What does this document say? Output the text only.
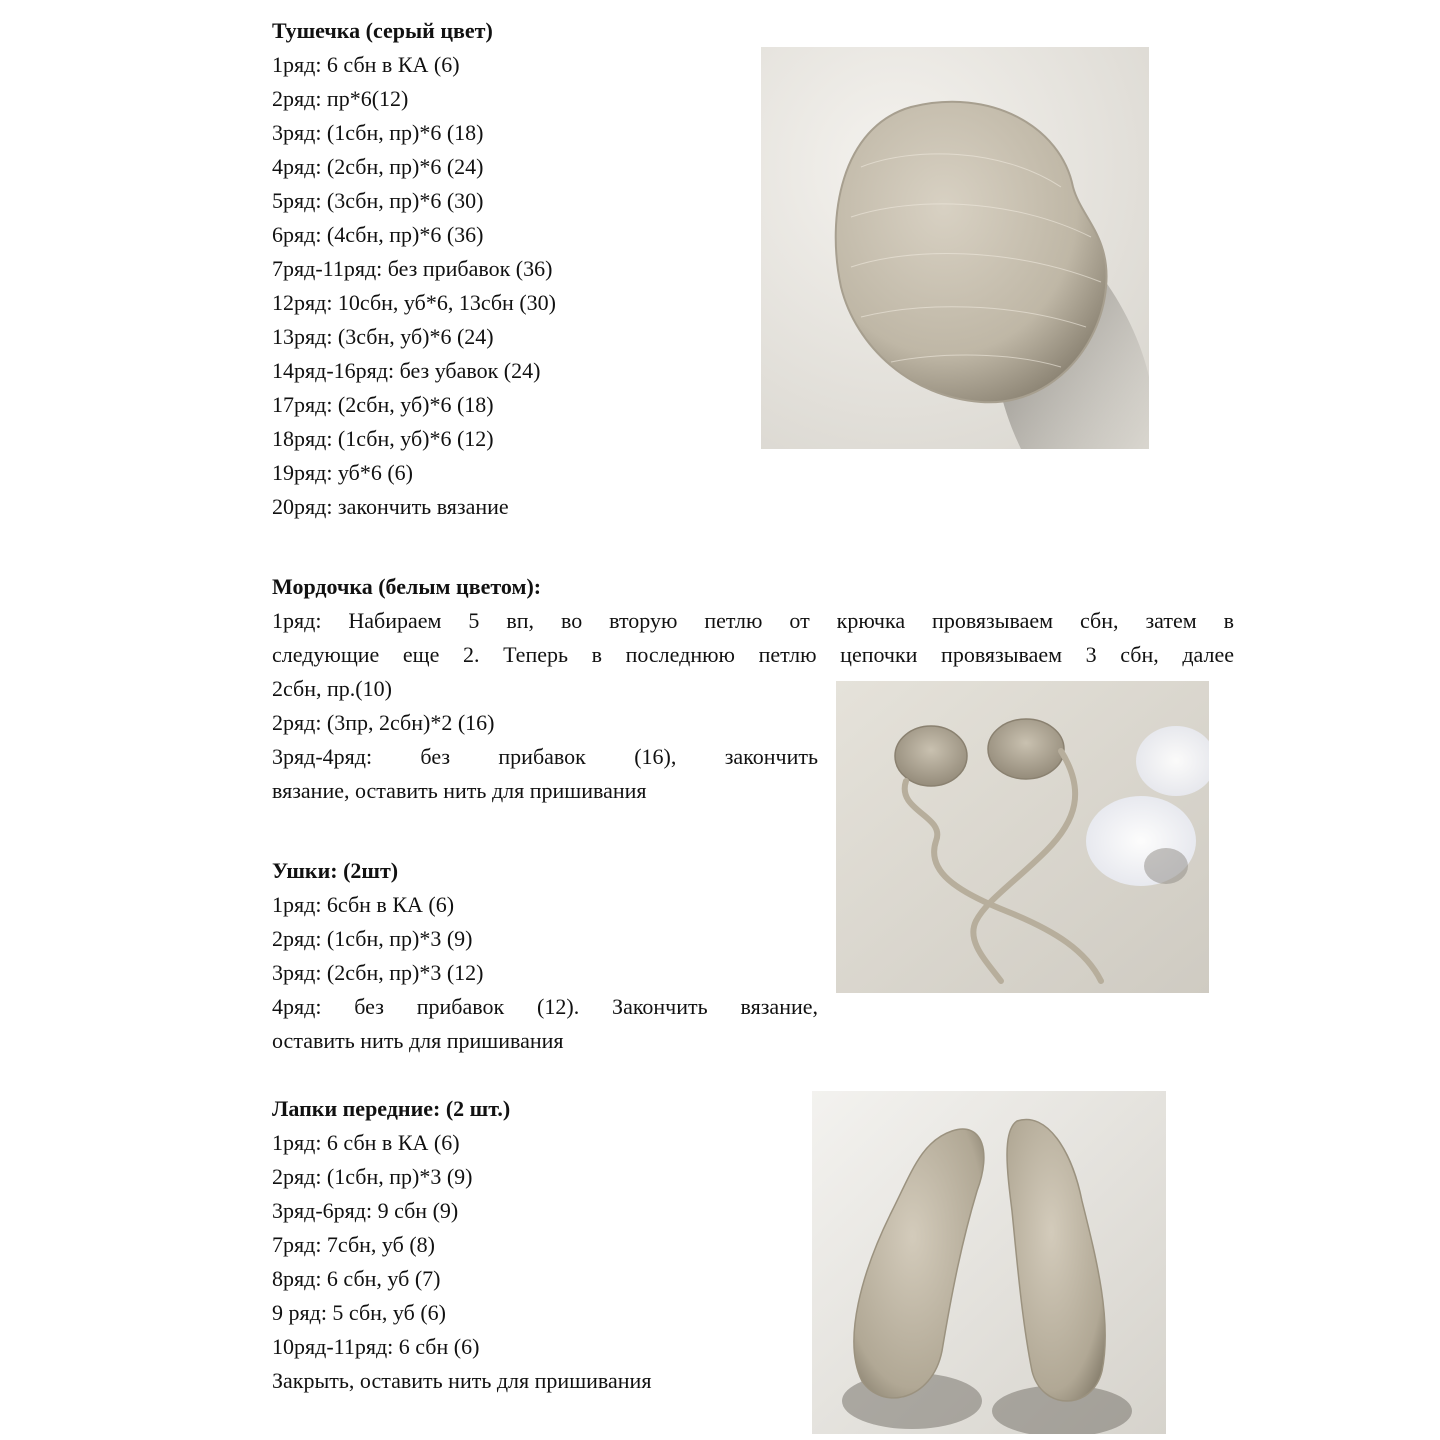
Тушечка (серый цвет)
1ряд: 6 сбн в КА (6)
2ряд: пр*6(12)
3ряд: (1сбн, пр)*6 (18)
4ряд: (2сбн, пр)*6 (24)
5ряд: (3сбн, пр)*6 (30)
6ряд: (4сбн, пр)*6 (36)
7ряд-11ряд: без прибавок (36)
12ряд: 10сбн, уб*6, 13сбн (30)
13ряд: (3сбн, уб)*6 (24)
14ряд-16ряд: без убавок (24)
17ряд: (2сбн, уб)*6 (18)
18ряд: (1сбн, уб)*6 (12)
19ряд: уб*6 (6)
20ряд: закончить вязание
Мордочка (белым цветом):
1ряд: Набираем 5 вп, во вторую петлю от крючка провязываем сбн, затем в
следующие еще 2. Теперь в последнюю петлю цепочки провязываем 3 сбн, далее
2сбн, пр.(10)
2ряд: (3пр, 2сбн)*2 (16)
3ряд-4ряд: без прибавок (16), закончить
вязание, оставить нить для пришивания
Ушки: (2шт)
1ряд: 6сбн в КА (6)
2ряд: (1сбн, пр)*3 (9)
3ряд: (2сбн, пр)*3 (12)
4ряд: без прибавок (12). Закончить вязание,
оставить нить для пришивания
Лапки передние: (2 шт.)
1ряд: 6 сбн в КА (6)
2ряд: (1сбн, пр)*3 (9)
3ряд-6ряд: 9 сбн (9)
7ряд: 7сбн, уб (8)
8ряд: 6 сбн, уб (7)
9 ряд: 5 сбн, уб (6)
10ряд-11ряд: 6 сбн (6)
Закрыть, оставить нить для пришивания
